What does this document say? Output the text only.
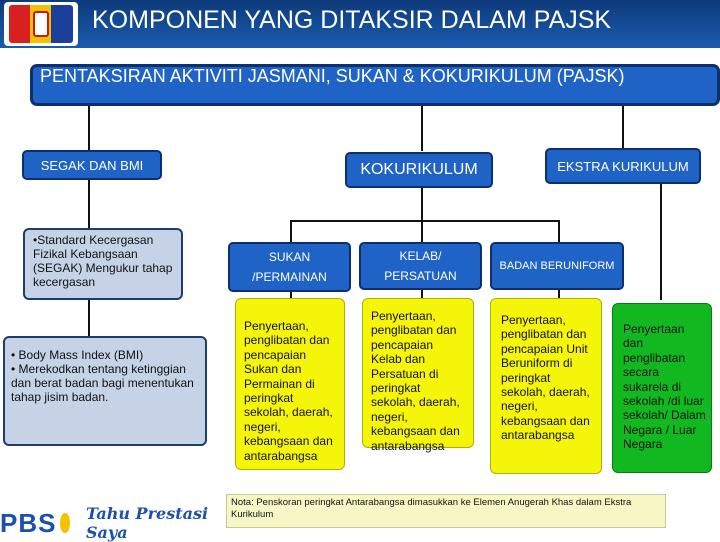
KOMPONEN YANG DITAKSIR DALAM PAJSK
PENTAKSIRAN AKTIVITI JASMANI, SUKAN & KOKURIKULUM (PAJSK)
SEGAK DAN BMI	KOKURIKULUM	EKSTRA KURIKULUM
•Standard Kecergasan Fizikal Kebangsaan (SEGAK) Mengukur tahap kecergasan
• Body Mass Index (BMI)
• Merekodkan tentang ketinggian dan berat badan bagi menentukan tahap jisim badan.
SUKAN
/PERMAINAN
KELAB/
PERSATUAN
BADAN BERUNIFORM
Penyertaan, penglibatan dan pencapaian Sukan dan Permainan di peringkat sekolah, daerah, negeri, kebangsaan dan antarabangsa
Penyertaan, penglibatan dan pencapaian Kelab dan Persatuan di peringkat sekolah, daerah, negeri, kebangsaan dan antarabangsa
Penyertaan, penglibatan dan pencapaian Unit Beruniform di peringkat sekolah, daerah, negeri, kebangsaan dan antarabangsa
Penyertaan dan penglibatan secara sukarela di sekolah /di luar sekolah/ Dalam Negara / Luar Negara
Nota: Penskoran peringkat Antarabangsa dimasukkan ke Elemen Anugerah Khas dalam Ekstra Kurikulum
PBS Tahu Prestasi Saya
